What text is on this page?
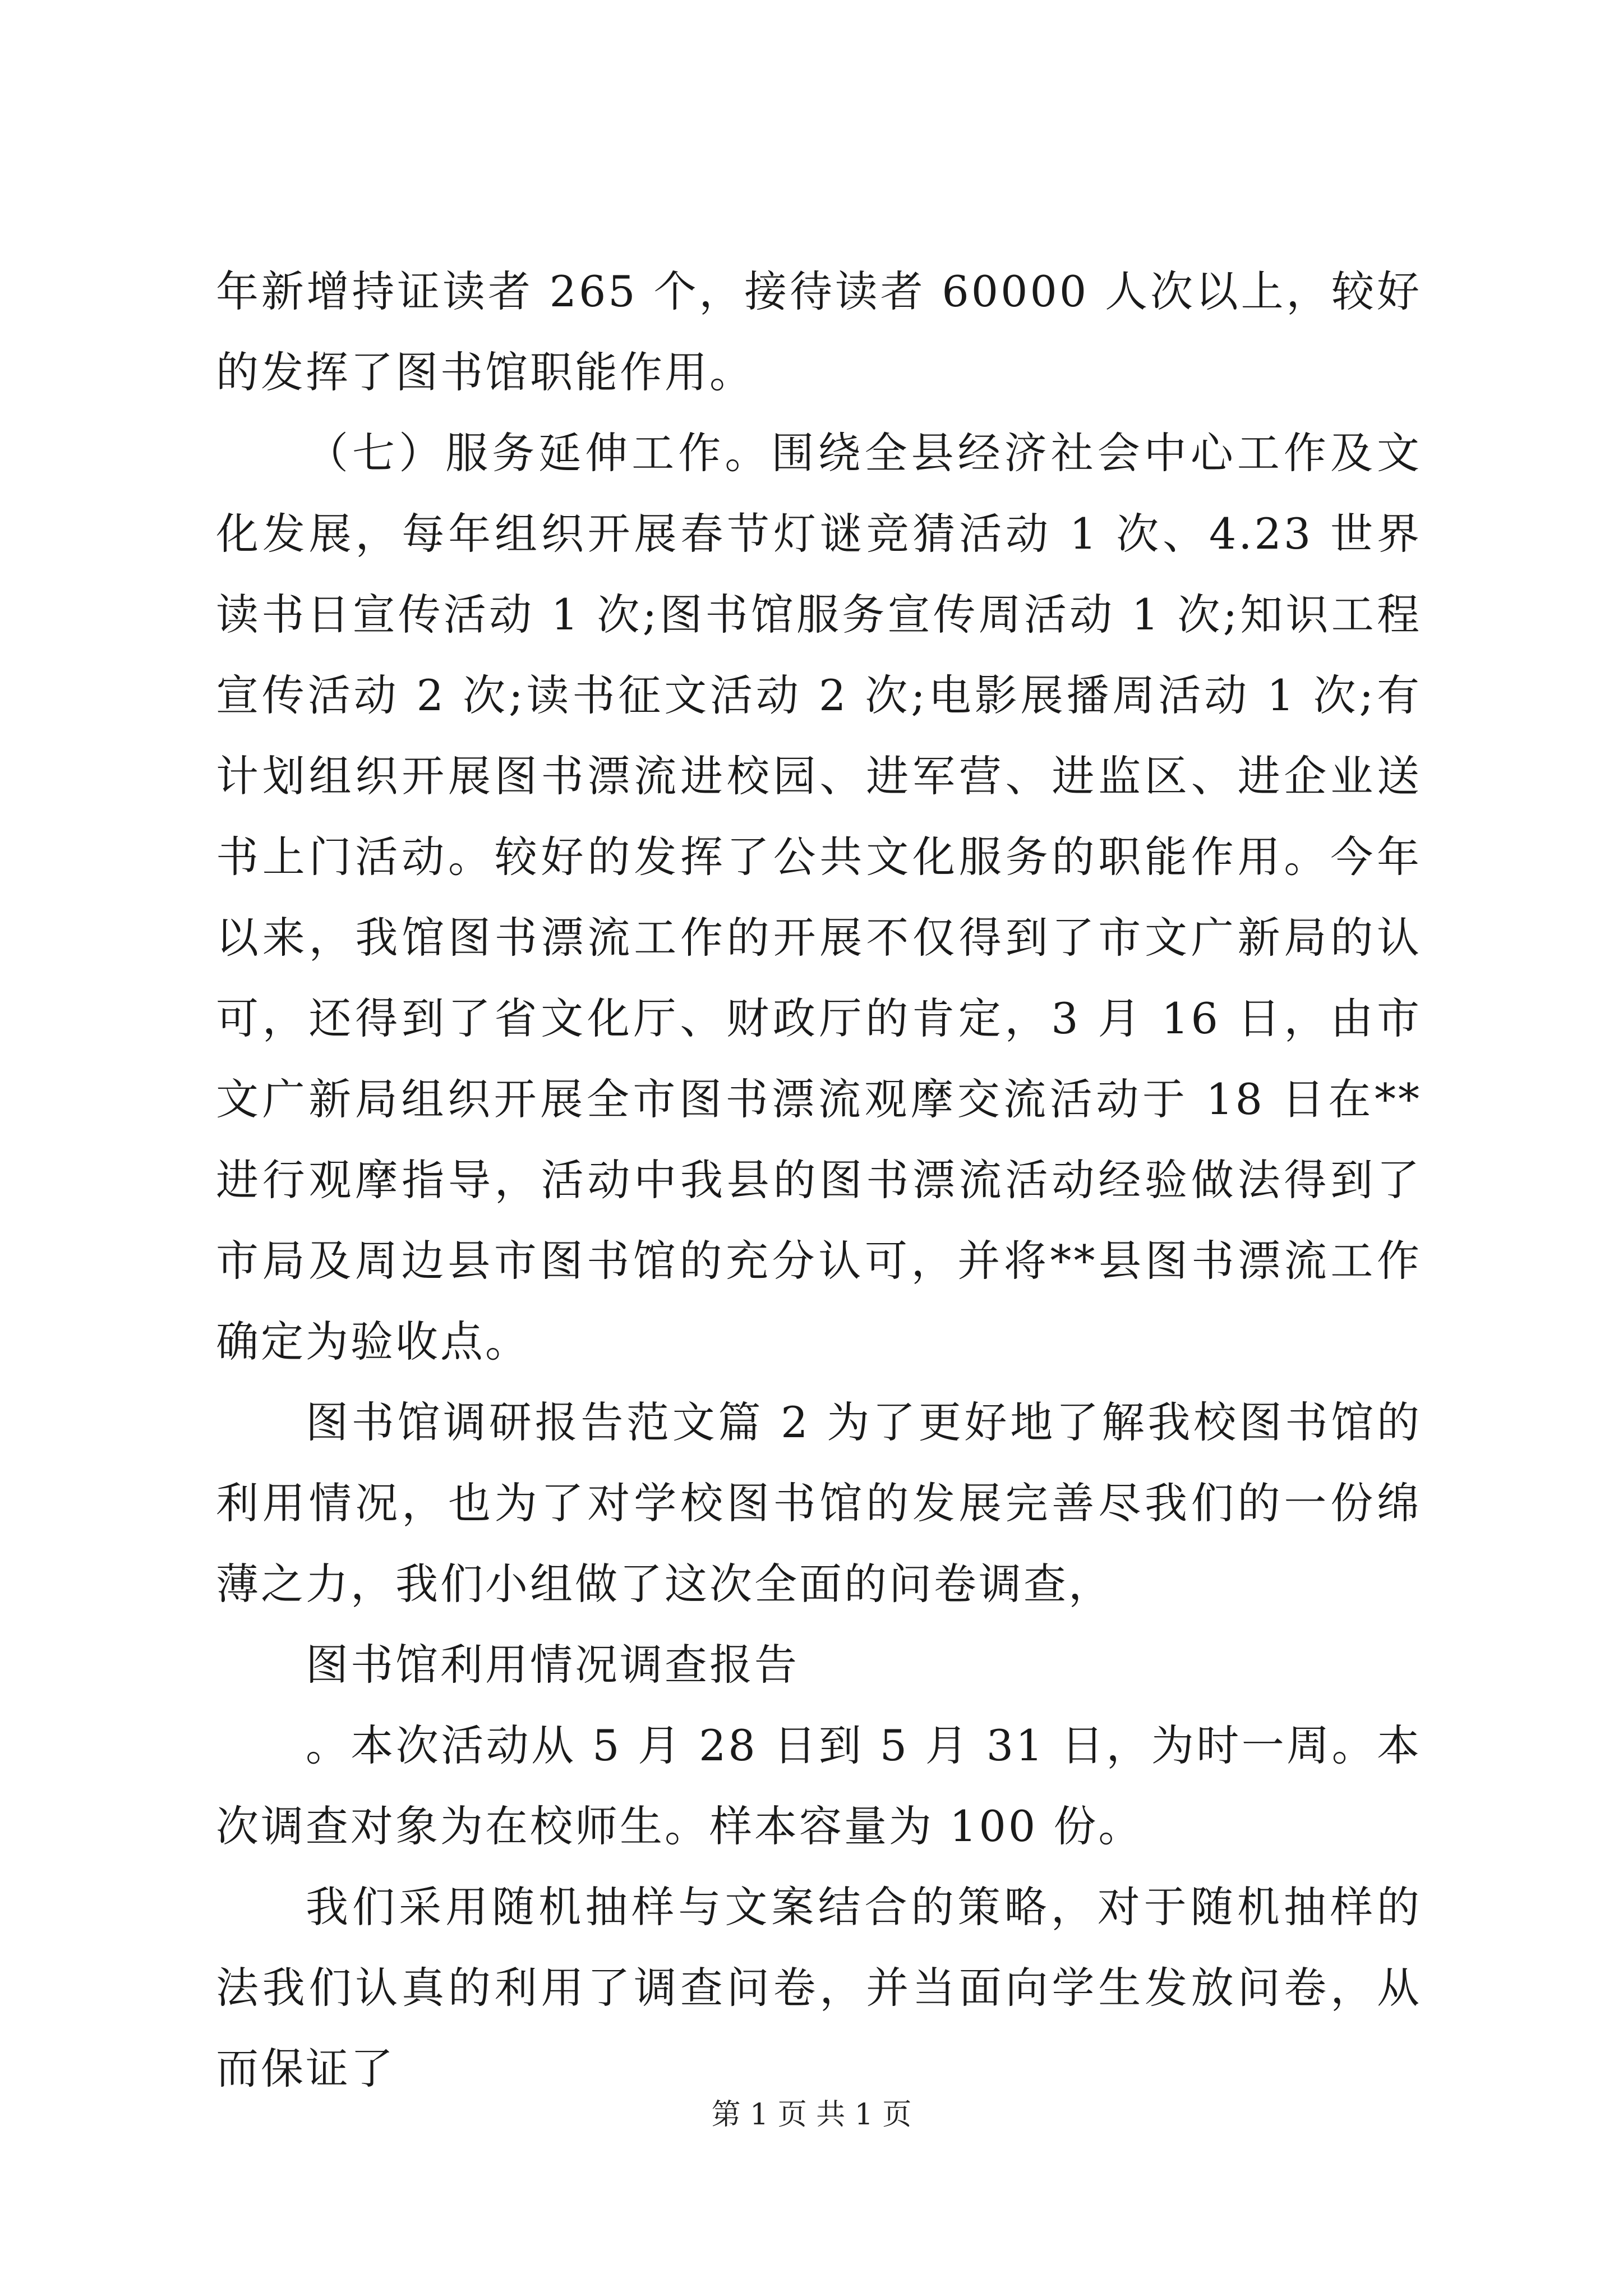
年新增持证读者 265 个，接待读者 60000 人次以上，较好的发挥了图书馆职能作用。

（七）服务延伸工作。围绕全县经济社会中心工作及文化发展，每年组织开展春节灯谜竞猜活动 1 次、4.23 世界读书日宣传活动 1 次;图书馆服务宣传周活动 1 次;知识工程宣传活动 2 次;读书征文活动 2 次;电影展播周活动 1 次;有计划组织开展图书漂流进校园、进军营、进监区、进企业送书上门活动。较好的发挥了公共文化服务的职能作用。今年以来，我馆图书漂流工作的开展不仅得到了市文广新局的认可，还得到了省文化厅、财政厅的肯定，3 月 16 日，由市文广新局组织开展全市图书漂流观摩交流活动于 18 日在**进行观摩指导，活动中我县的图书漂流活动经验做法得到了市局及周边县市图书馆的充分认可，并将**县图书漂流工作确定为验收点。

图书馆调研报告范文篇 2 为了更好地了解我校图书馆的利用情况，也为了对学校图书馆的发展完善尽我们的一份绵薄之力，我们小组做了这次全面的问卷调查，

图书馆利用情况调查报告

。本次活动从 5 月 28 日到 5 月 31 日，为时一周。本次调查对象为在校师生。样本容量为 100 份。

我们采用随机抽样与文案结合的策略，对于随机抽样的法我们认真的利用了调查问卷，并当面向学生发放问卷，从而保证了

第 1 页 共 1 页
